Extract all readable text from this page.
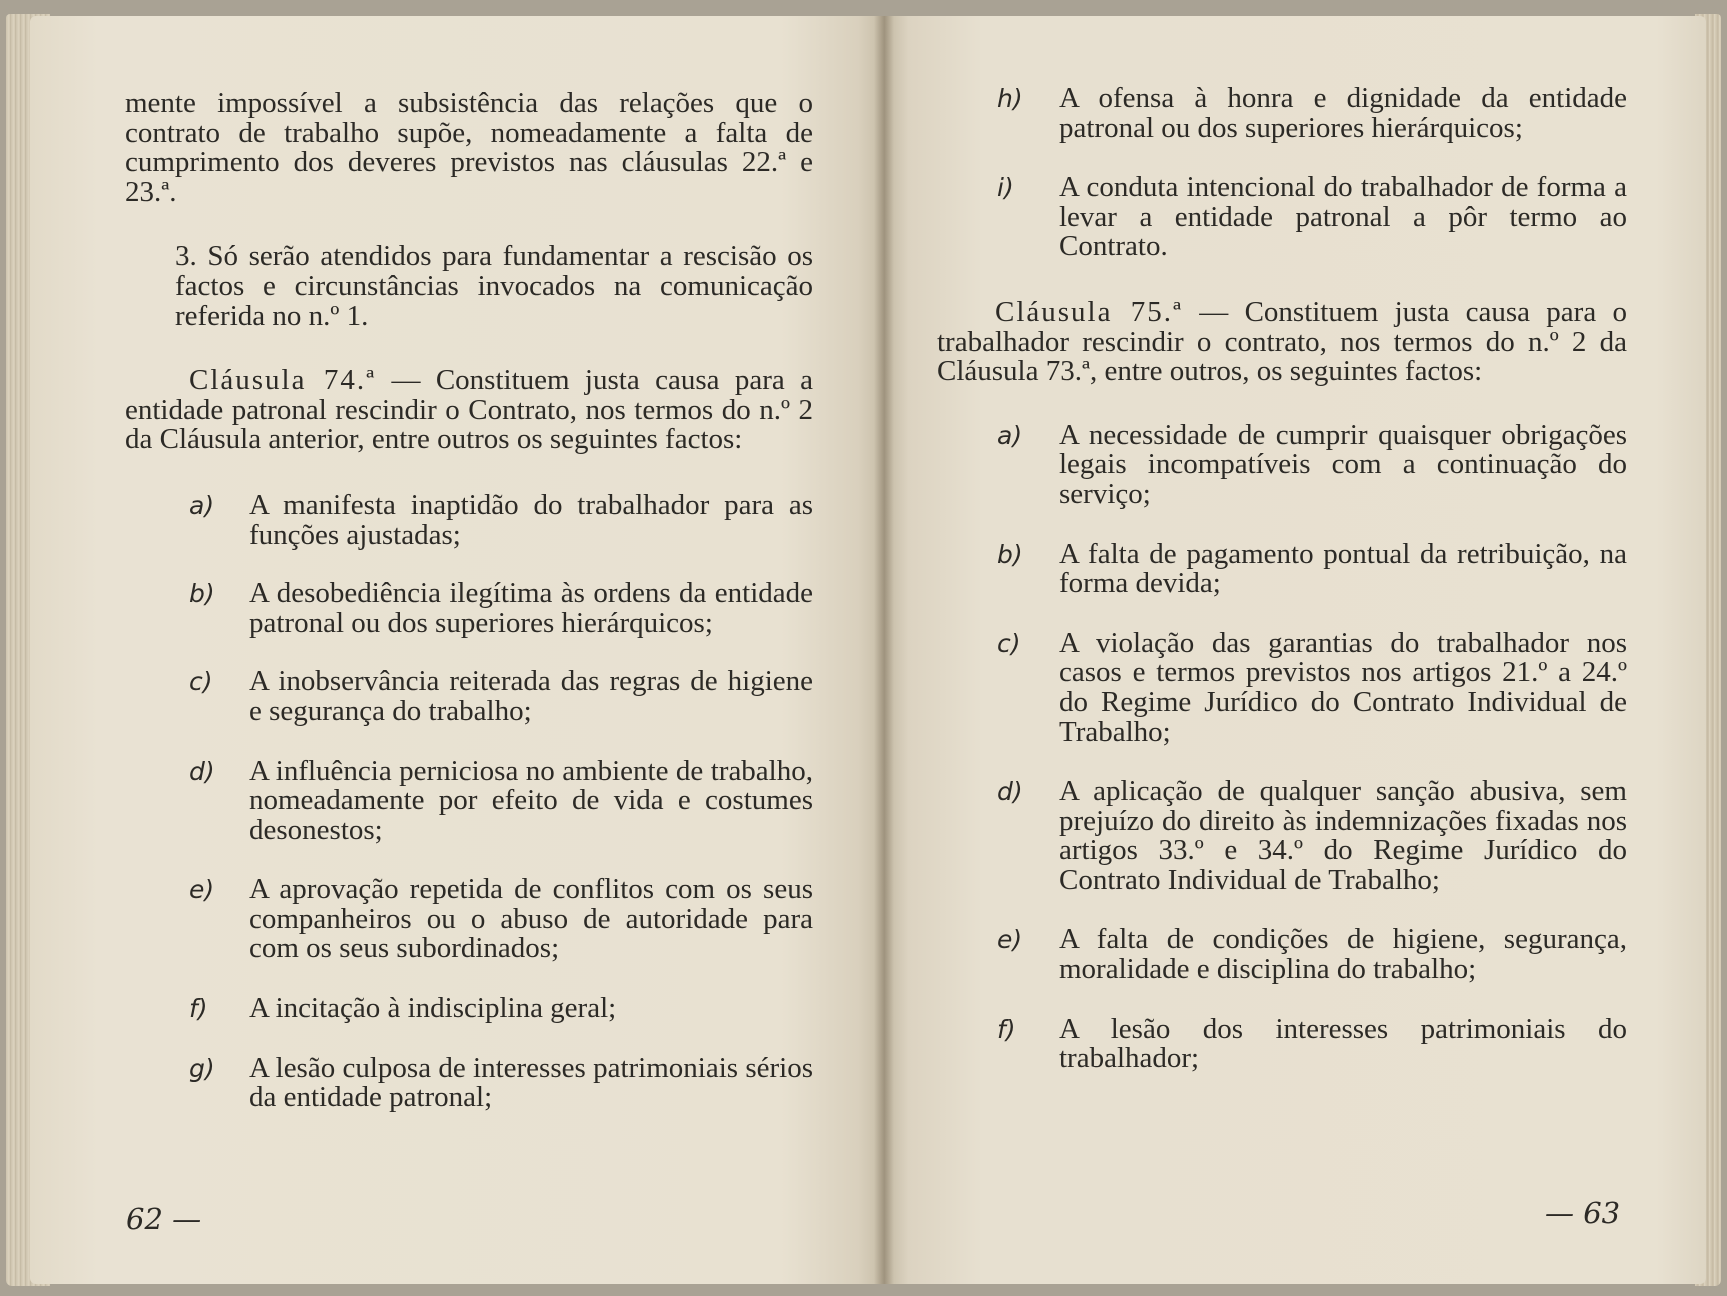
mente impossível a subsistência das relações que o contrato de trabalho supõe, nomeadamente a falta de cumprimento dos deveres previstos nas cláusulas 22.ª e 23.ª.

3. Só serão atendidos para fundamentar a rescisão os factos e circunstâncias invocados na comunicação referida no n.º 1.

Cláusula 74.ª — Constituem justa causa para a entidade patronal rescindir o Contrato, nos termos do n.º 2 da Cláusula anterior, entre outros os seguintes factos:

a)	A manifesta inaptidão do trabalhador para as funções ajustadas;
b)	A desobediência ilegítima às ordens da entidade patronal ou dos superiores hierárquicos;
c)	A inobservância reiterada das regras de higiene e segurança do trabalho;
d)	A influência perniciosa no ambiente de trabalho, nomeadamente por efeito de vida e costumes desonestos;
e)	A aprovação repetida de conflitos com os seus companheiros ou o abuso de autoridade para com os seus subordinados;
f)	A incitação à indisciplina geral;
g)	A lesão culposa de interesses patrimoniais sérios da entidade patronal;
62 —
h)	A ofensa à honra e dignidade da entidade patronal ou dos superiores hierárquicos;
i)	A conduta intencional do trabalhador de forma a levar a entidade patronal a pôr termo ao Contrato.

Cláusula 75.ª — Constituem justa causa para o trabalhador rescindir o contrato, nos termos do n.º 2 da Cláusula 73.ª, entre outros, os seguintes factos:

a)	A necessidade de cumprir quaisquer obrigações legais incompatíveis com a continuação do serviço;
b)	A falta de pagamento pontual da retribuição, na forma devida;
c)	A violação das garantias do trabalhador nos casos e termos previstos nos artigos 21.º a 24.º do Regime Jurídico do Contrato Individual de Trabalho;
d)	A aplicação de qualquer sanção abusiva, sem prejuízo do direito às indemnizações fixadas nos artigos 33.º e 34.º do Regime Jurídico do Contrato Individual de Trabalho;
e)	A falta de condições de higiene, segurança, moralidade e disciplina do trabalho;
f)	A lesão dos interesses patrimoniais do trabalhador;
— 63
